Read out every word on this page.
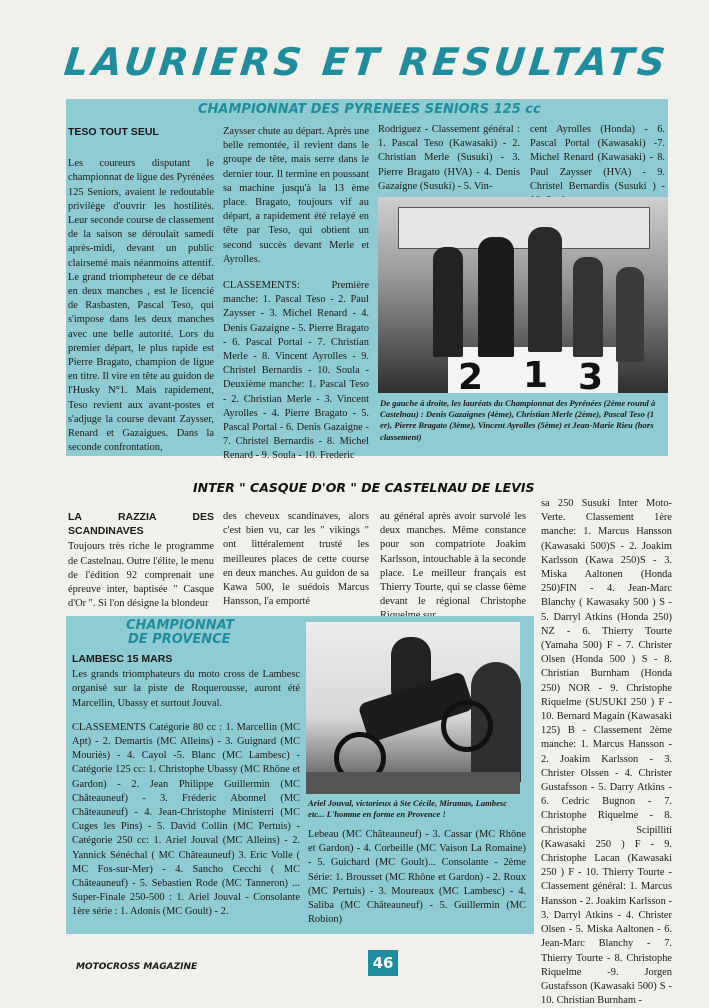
LAURIERS ET RESULTATS
CHAMPIONNAT DES PYRENEES SENIORS 125 cc

TESO TOUT SEUL

Les coureurs disputant le championnat de ligue des Pyrénées 125 Seniors, avaient le redoutable privilège d'ouvrir les hostilités. Leur seconde course de classement de la saison se déroulait samedi après-midi, devant un public clairsemé mais néanmoins attentif. Le grand triompheteur de ce débat en deux manches , est le licencié de Rasbasten, Pascal Teso, qui s'impose dans les deux manches avec une belle autorité. Lors du premier départ, le plus rapide est Pierre Bragato, champion de ligue en titre. Il vire en tête au guidon de l'Husky N°1. Mais rapidement, Teso revient aux avant-postes et s'adjuge la course devant Zaysser, Renard et Gazaigues. Dans la seconde confrontation,

Zaysser chute au départ. Après une belle remontée, il revient dans le groupe de tête, mais serre dans le dernier tour. Il termine en poussant sa machine jusqu'à la 13 ème place. Bragato, toujours vif au départ, a rapidement été relayé en tête par Teso, qui obtient un second succès devant Merle et Ayrolles.

CLASSEMENTS: Première manche: 1. Pascal Teso - 2. Paul Zaysser - 3. Michel Renard - 4. Denis Gazaigne - 5. Pierre Bragato - 6. Pascal Portal - 7. Christian Merle - 8. Vincent Ayrolles - 9. Christel Bernardis - 10. Soula - Deuxième manche: 1. Pascal Teso - 2. Christian Merle - 3. Vincent Ayrolles - 4. Pierre Bragato - 5. Pascal Portal - 6. Denis Gazaigne - 7. Christel Bernardis - 8. Michel Renard - 9. Soula - 10. Frederic

Rodriguez - Classement général : 1. Pascal Teso (Kawasaki) - 2. Christian Merle (Susuki) - 3. Pierre Bragato (HVA) - 4. Denis Gazaigne (Susuki) - 5. Vin-

cent Ayrolles (Honda) - 6. Pascal Portal (Kawasaki) -7. Michel Renard (Kawasaki) - 8. Paul Zaysser (HVA) - 9. Christel Bernardis (Susuki ) -

2 1 3
De gauche à droite, les lauréats du Championnat des Pyrénées (2ème round à Castelnau) : Denis Gazaignes (4ème), Christian Merle (2ème), Pascal Teso (1 er), Pierre Bragato (3ème), Vincent Ayrolles (5ème) et Jean-Marie Rieu (hors classement)
INTER " CASQUE D'OR " DE CASTELNAU DE LEVIS

LA RAZZIA DES SCANDINAVES

Toujours très riche le programme de Castelnau. Outre l'élite, le menu de l'édition 92 comprenait une épreuve inter, baptisée " Casque d'Or ". Si l'on désigne la blondeur

des cheveux scandinaves, alors c'est bien vu, car les " vikings " ont littéralement trusté les meilleures places de cette course en deux manches. Au guidon de sa Kawa 500, le suédois Marcus Hansson, l'a emporté

au général après avoir survolé les deux manches. Même constance pour son compatriote Joakim Karlsson, intouchable à la seconde place. Le meilleur français est Thierry Tourte, qui se classe 6ème devant le régional Christophe

sa 250 Susuki Inter Moto- Verte. Classement 1ère manche: 1. Marcus Hansson (Kawasaki 500)S - 2. Joakim Karlsson (Kawa 250)S - 3. Miska Aaltonen (Honda 250)FIN - 4. Jean-Marc Blanchy ( Kawasaky 500 ) S - 5. Darryl Atkins (Honda 250) NZ - 6. Thierry Tourte (Yamaha 500) F - 7. Christer Olsen (Honda 500 ) S - 8. Christian Burnham (Honda 250) NOR - 9. Christophe Riquelme (SUSUKI 250 ) F - 10. Bernard Magain (Kawasaki 125) B - Classement 2ème manche: 1. Marcus Hansson - 2. Joakim Karlsson - 3. Christer Olssen - 4. Christer Gustafsson - 5. Darry Atkins - 6. Cedric Bugnon - 7. Christophe Riquelme - 8. Christophe Scipilliti (Kawasaki 250 ) F - 9. Christophe Lacan (Kawasaki 250 ) F - 10. Thierry Tourte - Classement général: 1. Marcus Hansson - 2. Joakim Karlsson - 3. Darryl Atkins - 4. Christer Olsen - 5. Miska Aaltonen - 6. Jean-Marc Blanchy - 7. Thierry Tourte - 8. Christophe Riquelme -9. Jorgen Gustafsson (Kawasaki 500) S - 10. Christian Burnham -

CHAMPIONNAT
DE PROVENCE

LAMBESC 15 MARS

Les grands triomphateurs du moto cross de Lambesc organisé sur la piste de Roquerousse, auront été Marcellin, Ubassy et surtout Jouval.

CLASSEMENTS Catégorie 80 cc : 1. Marcellin (MC Apt) - 2. Demartis (MC Alleins) - 3. Guignard (MC Mouriès) - 4. Cayol -5. Blanc (MC Lambesc) - Catégorie 125 cc: 1. Christophe Ubassy (MC Rhône et Gardon) - 2. Jean Philippe Guillermin (MC Châteauneuf) - 3. Fréderic Abonnel (MC Châteauneuf) - 4. Jean-Christophe Ministerri (MC Cuges les Pins) - 5. David Collin (MC Pertuis) - Catégorie 250 cc: 1. Ariel Jouval (MC Alleins) - 2. Yannick Sénéchal ( MC Châteauneuf) 3. Eric Volle ( MC Fos-sur-Mer) - 4. Sancho Cecchi ( MC Châteauneuf) - 5. Sebastien Rode (MC Tanneron) ... Super-Finale 250-500 : 1. Ariel Jouval - Consolante 1ère série : 1. Adonis (MC Goult) - 2.

Ariel Jouval, victorieux à Ste Cécile, Miramas, Lambesc etc... L'homme en forme en Provence !

Lebeau (MC Châteauneuf) - 3. Cassar (MC Rhône et Gardon) - 4. Corbeille (MC Vaison La Romaine) - 5. Guichard (MC Goult)... Consolante - 2ème Série: 1. Brousset (MC Rhône et Gardon) - 2. Roux (MC Pertuis) - 3. Moureaux (MC Lambesc) - 4. Saliba (MC Châteauneuf) - 5. Guillermin (MC Robion)

MOTOCROSS MAGAZINE	46
